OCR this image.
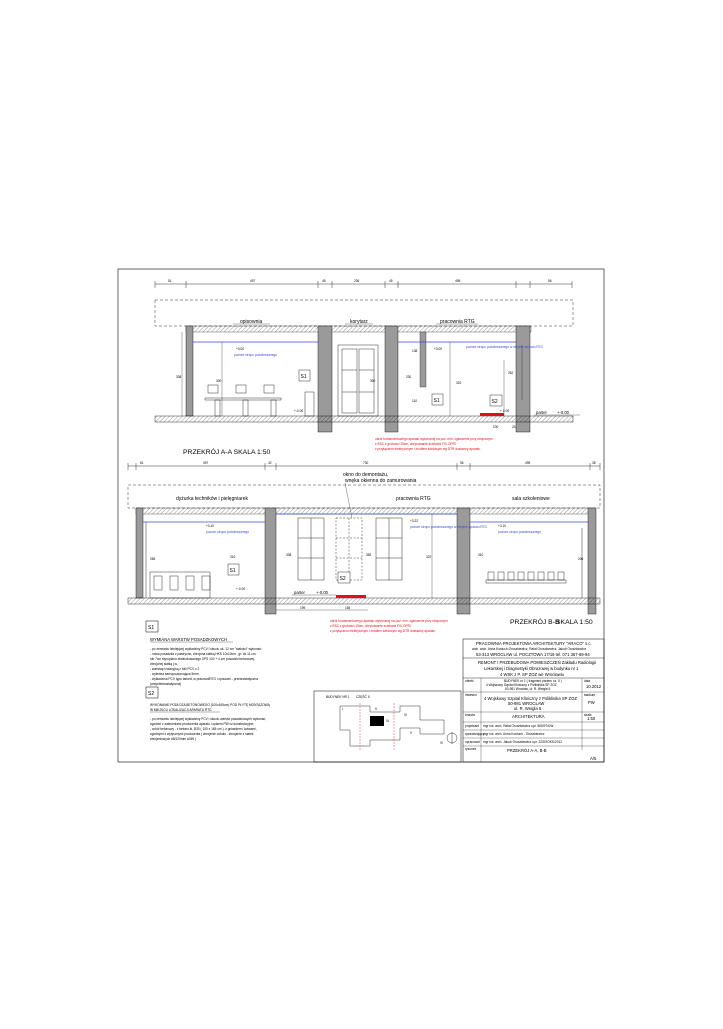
51	497	45	236	45	495	56
opisownia	korytarz	pracownia RTG
+3.00
poziom stropu podwieszanego
+3.00	poziom stropu podwieszanego w obrębie aparatu RTG
+-0.00	+-0.00
338
300	300	322
262
230
110
138
S1
S1	S2
parter +-0.00
100	24
obrót fundamentowego aparatu wykonanej na poz. min. zgłoszenie przy stropowym
z BSC z grubości 15cm, obrysowanie ściekami FIX-OPRI
z przyłączem elektrycznym i źródłem kablowym wg DTR dostawcy aparatu
PRZEKRÓJ A-A SKALA 1:50
51	497	42	730	56	495	38
okno do demontażu,
wnęka okienna do zamurowania
dyżurka techników i pielęgniarek	pracownia RTG	sala szkoleniowe
+3.10
poziom stropu podwieszanego
+3.22
poziom stropu podwieszanego w obrębie aparatu RTG	+3.10
poziom stropu podwieszanego
S1
+-0.00
265	310	338
S2
382	322
parter	+-0.00
199	165
310
206
obrót fundamentowego aparatu wykonanej na poz. min. zgłoszenie przy stropowym
z BSC z grubości 15cm, obrysowanie ściekami FIX-OPRI
z przyłączem elektrycznym i źródłem kablowym wg DTR dostawcy aparatu
PRZEKRÓJ B-B
SKALA 1:50
S1
WYMIANA WARSTW POSADZKOWYCH
- po zerwaniu istniejącej wykładziny PCV i skuciu ok. 12 cm "stałości" wykonać:
- nowa posadzka z pastrycho, zbrojona siatką HKS 10x10cm , gr. ok 11 cm
lub 7cm styropianu ekstrudowanego XPS 100 + 4 cm posadzki betonowej,
zbrojonej siatką j.w.
- warstwę izolacyjną z folii PCV x 2
- wylewka samopoziomująca 5mm
- wykładzina PCV typu tarkett, w pracowniRTG i opisowni - przeciwstatyczna
(antyelektrostatyczna)
S2
WYKONANIE PODŁOŻA BETONOWEGO (100x165cm) POD PŁYTĘ MONTAŻOWĄ
W MIEJSCU LOKALIZACJI APARATU RTG
- po zerwaniu istniejącej wykładziny PCV i skuciu warstw posadzkowych wykonać;
zgodnie z zaleceniami producenta aparatu i opisem PW cz.konstrukcyjne;
- cokół betonowy - z betonu kl. B30 ( 100 x 165 cm ), z gniazdem i kotwami,
zgodnymi z wytycznymi producenta ( zbrojenie cokołu - zbrojenie z siatek
zbrojeniowych #8/120mm AIIIN )
BUDYNEK NR 1 CZĘŚĆ II
I	II
III
IV
V
VI
PRACOWNIA PROJEKTOWA ARCHITEKTURY "ARACO" s.c.
arch. arch. Anna Kostuch-Oruszkiewicz, Rafał Oruszkiewicz, Jakub Oruszkiewicz
53-313 WROCŁAW ul. POCZTOWA 17/19 tel. 071 367-69-94
REMONT I PRZEBUDOWA POMIESZCZEŃ Zakładu Radiologii
Lekarskiej i Diagnostyki Obrazowej w budynku nr 1
4 WSK z P. SP ZOZ we Wrocławiu
obiekt	BUDYNEK nr 1 ( fragment parteru cz. II )
4 Wojskowy Szpital Kliniczny z Poliklinika SP ZOZ
50-981 Wrocław, ul. R. Weigla 5
data
10.2012
inwestor
4 Wojskowy Szpital Kliniczny z Poliklinika SP ZOZ
50-981 WROCŁAW
ul. R. Weigla 5
stadium
PW
branża	ARCHITEKTURA	skala
1:50
projektant mgr inż. arch. Rafał Oruszkiewicz upr. 565/97/UW
sprawdzający
mgr inż. arch. Anna Kostuch - Oruszkiewicz
opracował mgr inż. arch. Jakub Oruszkiewicz upr. 22/DSOKK/2012
rysunek	PRZEKRÓJ A-A, B-B
A/5
